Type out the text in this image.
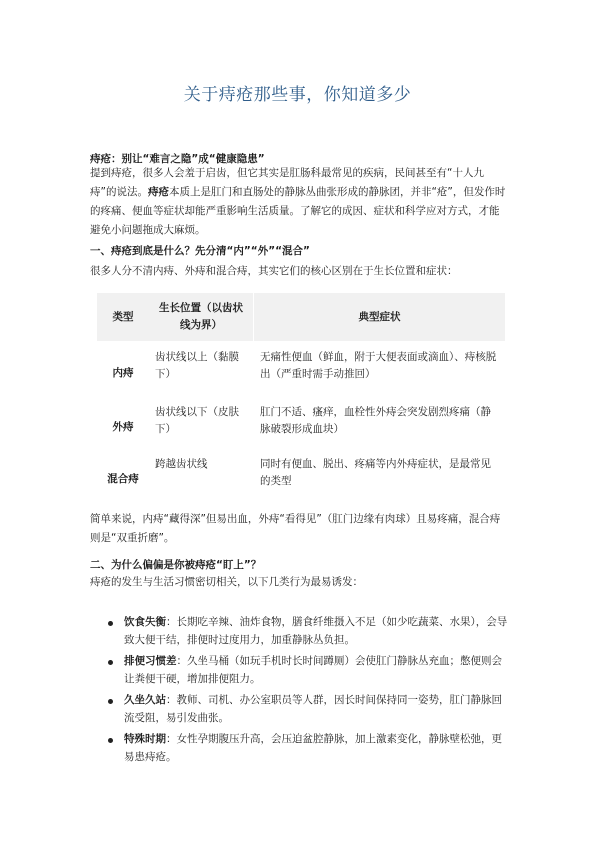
关于痔疮那些事，你知道多少
痔疮：别让“难言之隐”成“健康隐患”
提到痔疮，很多人会羞于启齿，但它其实是肛肠科最常见的疾病，民间甚至有“十人九痔”的说法。痔疮本质上是肛门和直肠处的静脉丛曲张形成的静脉团，并非“疮”，但发作时的疼痛、便血等症状却能严重影响生活质量。了解它的成因、症状和科学应对方式，才能避免小问题拖成大麻烦。
一、痔疮到底是什么？先分清“内”“外”“混合”
很多人分不清内痔、外痔和混合痔，其实它们的核心区别在于生长位置和症状：
类型	生长位置（以齿状线为界）	典型症状
内痔	齿状线以上（黏膜下）	无痛性便血（鲜血，附于大便表面或滴血）、痔核脱出（严重时需手动推回）
外痔	齿状线以下（皮肤下）	肛门不适、瘙痒，血栓性外痔会突发剧烈疼痛（静脉破裂形成血块）
混合痔	跨越齿状线	同时有便血、脱出、疼痛等内外痔症状，是最常见的类型
简单来说，内痔“藏得深”但易出血，外痔“看得见”（肛门边缘有肉球）且易疼痛，混合痔则是“双重折磨”。
二、为什么偏偏是你被痔疮“盯上”？
痔疮的发生与生活习惯密切相关，以下几类行为最易诱发：
饮食失衡：长期吃辛辣、油炸食物，膳食纤维摄入不足（如少吃蔬菜、水果），会导致大便干结，排便时过度用力，加重静脉丛负担。
排便习惯差：久坐马桶（如玩手机时长时间蹲厕）会使肛门静脉丛充血；憋便则会让粪便干硬，增加排便阻力。
久坐久站：教师、司机、办公室职员等人群，因长时间保持同一姿势，肛门静脉回流受阻，易引发曲张。
特殊时期：女性孕期腹压升高，会压迫盆腔静脉，加上激素变化，静脉壁松弛，更易患痔疮。
